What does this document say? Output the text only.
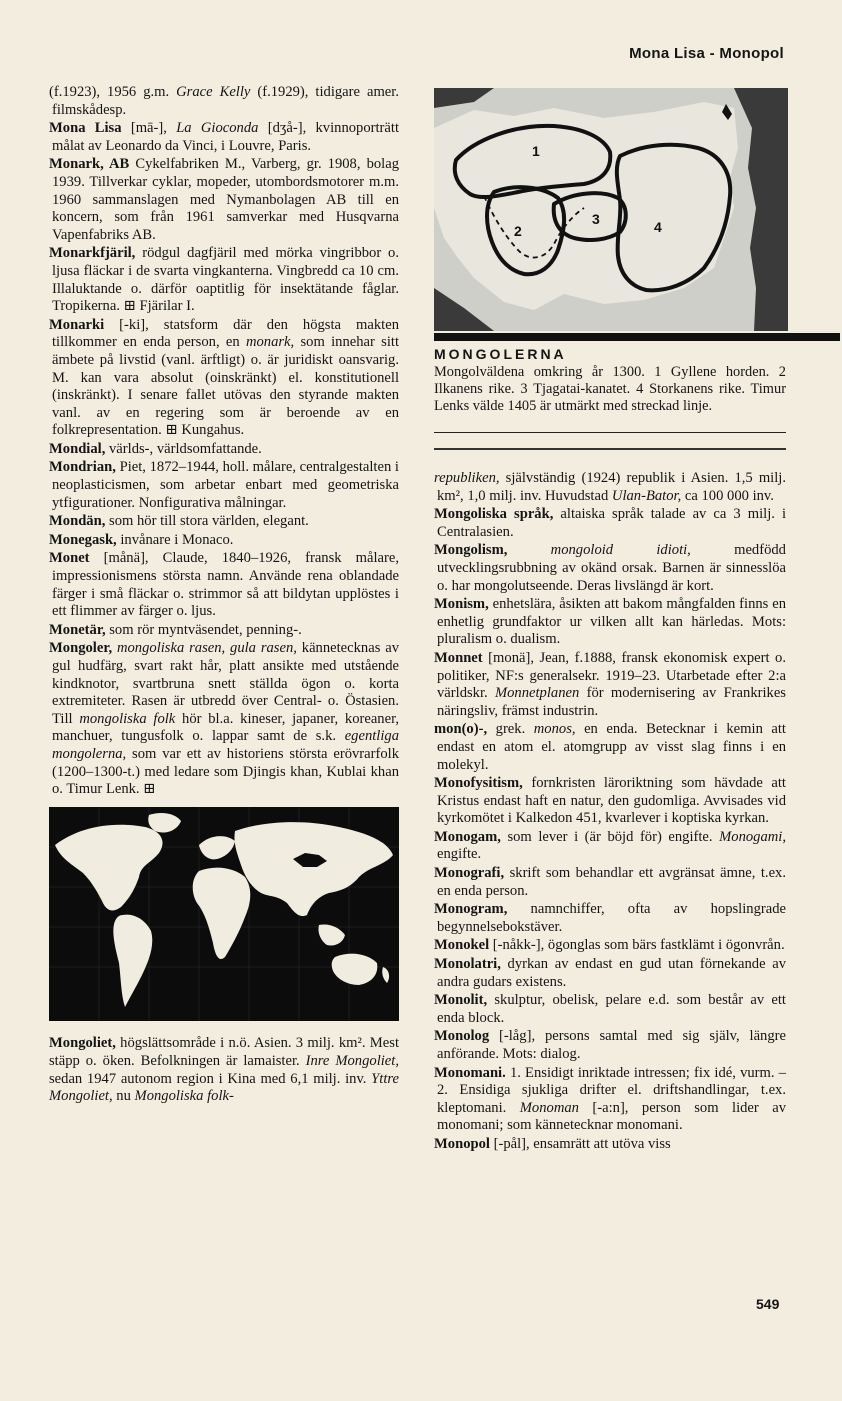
Mona Lisa - Monopol

(f.1923), 1956 g.m. Grace Kelly (f.1929), tidigare amer. filmskådesp.

Mona Lisa [mā-], La Gioconda [dʒå-], kvinnoporträtt målat av Leonardo da Vinci, i Louvre, Paris.

Monark, AB Cykelfabriken M., Varberg, gr. 1908, bolag 1939. Tillverkar cyklar, mopeder, utombordsmotorer m.m. 1960 sammanslagen med Nymanbolagen AB till en koncern, som från 1961 samverkar med Husqvarna Vapenfabriks AB.

Monarkfjäril, rödgul dagfjäril med mörka vingribbor o. ljusa fläckar i de svarta vingkanterna. Vingbredd ca 10 cm. Illaluktande o. därför oaptitlig för insektätande fåglar. Tropikerna. ⊞ Fjärilar I.

Monarki [-ki], statsform där den högsta makten tillkommer en enda person, en monark, som innehar sitt ämbete på livstid (vanl. ärftligt) o. är juridiskt oansvarig. M. kan vara absolut (oinskränkt) el. konstitutionell (inskränkt). I senare fallet utövas den styrande makten vanl. av en regering som är beroende av en folkrepresentation. ⊞ Kungahus.

Mondial, världs-, världsomfattande.

Mondrian, Piet, 1872–1944, holl. målare, centralgestalten i neoplasticismen, som arbetar enbart med geometriska ytfigurationer. Nonfigurativa målningar.

Mondän, som hör till stora världen, elegant.

Monegask, invånare i Monaco.

Monet [månä], Claude, 1840–1926, fransk målare, impressionismens största namn. Använde rena oblandade färger i små fläckar o. strimmor så att bildytan upplöstes i ett flimmer av färger o. ljus.

Monetär, som rör myntväsendet, penning-.

Mongoler, mongoliska rasen, gula rasen, kännetecknas av gul hudfärg, svart rakt hår, platt ansikte med utstående kindknotor, svartbruna snett ställda ögon o. korta extremiteter. Rasen är utbredd över Central- o. Östasien. Till mongoliska folk hör bl.a. kineser, japaner, koreaner, manchuer, tungusfolk o. lappar samt de s.k. egentliga mongolerna, som var ett av historiens största erövrarfolk (1200–1300-t.) med ledare som Djingis khan, Kublai khan o. Timur Lenk. ⊞

Mongoliet, högslättsområde i n.ö. Asien. 3 milj. km². Mest stäpp o. öken. Befolkningen är lamaister. Inre Mongoliet, sedan 1947 autonom region i Kina med 6,1 milj. inv. Yttre Mongoliet, nu Mongoliska folk-

1
2
3	4
MONGOLERNA
Mongolväldena omkring år 1300. 1 Gyllene horden. 2 Ilkanens rike. 3 Tjagatai-kanatet. 4 Storkanens rike. Timur Lenks välde 1405 är utmärkt med streckad linje.

republiken, självständig (1924) republik i Asien. 1,5 milj. km², 1,0 milj. inv. Huvudstad Ulan-Bator, ca 100 000 inv.

Mongoliska språk, altaiska språk talade av ca 3 milj. i Centralasien.

Mongolism,	mongoloid idioti, medfödd utvecklingsrubbning av okänd orsak. Barnen är sinnesslöa o. har mongolutseende. Deras livslängd är kort.

Monism, enhetslära, åsikten att bakom mångfalden finns en enhetlig grundfaktor ur vilken allt kan härledas. Mots: pluralism o. dualism.

Monnet [monä], Jean, f.1888, fransk ekonomisk expert o. politiker, NF:s generalsekr. 1919–23. Utarbetade efter 2:a världskr. Monnetplanen för modernisering av Frankrikes näringsliv, främst industrin.

mon(o)-, grek. monos, en enda. Betecknar i kemin att endast en atom el. atomgrupp av visst slag finns i en molekyl.

Monofysitism, fornkristen läroriktning som hävdade att Kristus endast haft en natur, den gudomliga. Avvisades vid kyrkomötet i Kalkedon 451, kvarlever i koptiska kyrkan.

Monogam, som lever i (är böjd för) engifte. Monogami, engifte.

Monografi, skrift som behandlar ett avgränsat ämne, t.ex. en enda person.

Monogram, namnchiffer, ofta av hopslingrade begynnelsebokstäver.

Monokel [-nåkk-], ögonglas som bärs fastklämt i ögonvrån.

Monolatri, dyrkan av endast en gud utan förnekande av andra gudars existens.

Monolit, skulptur, obelisk, pelare e.d. som består av ett enda block.

Monolog [-låg], persons samtal med sig själv, längre anförande. Mots: dialog.

Monomani. 1. Ensidigt inriktade intressen; fix idé, vurm. – 2. Ensidiga sjukliga drifter el. driftshandlingar, t.ex. kleptomani. Monoman [-a:n], person som lider av monomani; som kännetecknar monomani.

Monopol [-pål], ensamrätt att utöva viss

549
